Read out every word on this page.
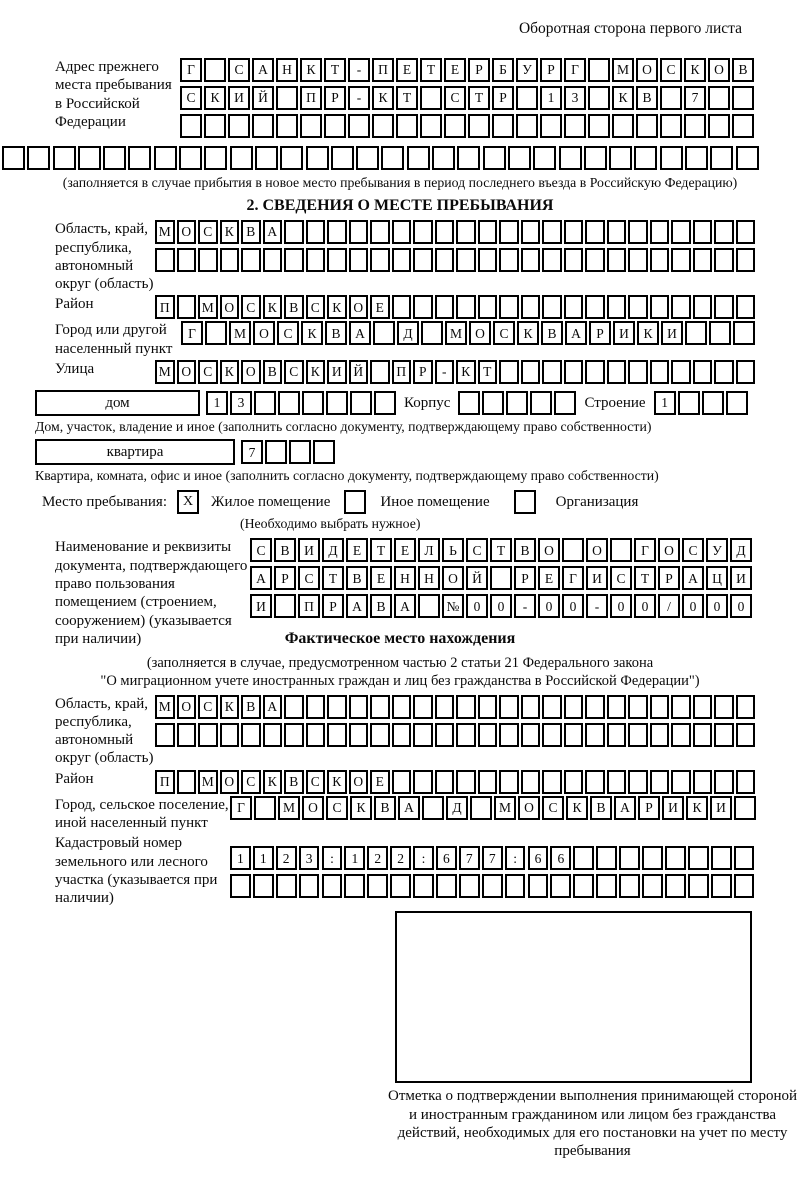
Оборотная сторона первого листа
Адрес прежнего места пребывания в Российской Федерации
Г	С	А	Н	К	Т	-	П	Е	Т	Е	Р	Б	У	Р	Г	М О	С	К	О	В
С	К	И	Й	П	Р	-	К	Т	С	Т	Р	1	3	К	В	7
(заполняется в случае прибытия в новое место пребывания в период последнего въезда в Российскую Федерацию)
2. СВЕДЕНИЯ О МЕСТЕ ПРЕБЫВАНИЯ
Область, край, республика, автономный округ (область)
М О С К В А
Район	П	М О С К В С К О Е
Город или другой населенный пункт
Г	М О	С	К	В	А	Д	М О	С	К	В	А	Р	И	К	И
Улица	М О С К О В С К И Й	П Р	-	К Т
дом	1	3	Корпус	Строение	1
Дом, участок, владение и иное (заполнить согласно документу, подтверждающему право собственности)
квартира	7
Квартира, комната, офис и иное (заполнить согласно документу, подтверждающему право собственности)
Место пребывания:	X	Жилое помещение	Иное помещение	Организация
(Необходимо выбрать нужное)
Наименование и реквизиты документа, подтверждающего право пользования помещением (строением, сооружением) (указывается при наличии)
С	В	И	Д	Е	Т	Е	Л	Ь	С	Т	В	О	О	Г	О	С	У	Д
А	Р	С	Т	В	Е	Н	Н	О	Й	Р	Е	Г	И	С	Т	Р	А	Ц	И
И	П	Р	А	В	А	№	0	0	-	0	0	-	0	0	/	0	0	0
Фактическое место нахождения
(заполняется в случае, предусмотренном частью 2 статьи 21 Федерального закона
"О миграционном учете иностранных граждан и лиц без гражданства в Российской Федерации")
Область, край, республика, автономный округ (область)
М О С К В А
Район	П	М О С К В С К О Е
Город, сельское поселение, иной населенный пункт
Г	М О	С	К	В	А	Д	М О	С	К	В	А	Р	И	К	И
Кадастровый номер земельного или лесного участка (указывается при наличии)
1	1	2	3	:	1	2	2	:	6	7	7	:	6	6
Отметка о подтверждении выполнения принимающей стороной и иностранным гражданином или лицом без гражданства действий, необходимых для его постановки на учет по месту пребывания
